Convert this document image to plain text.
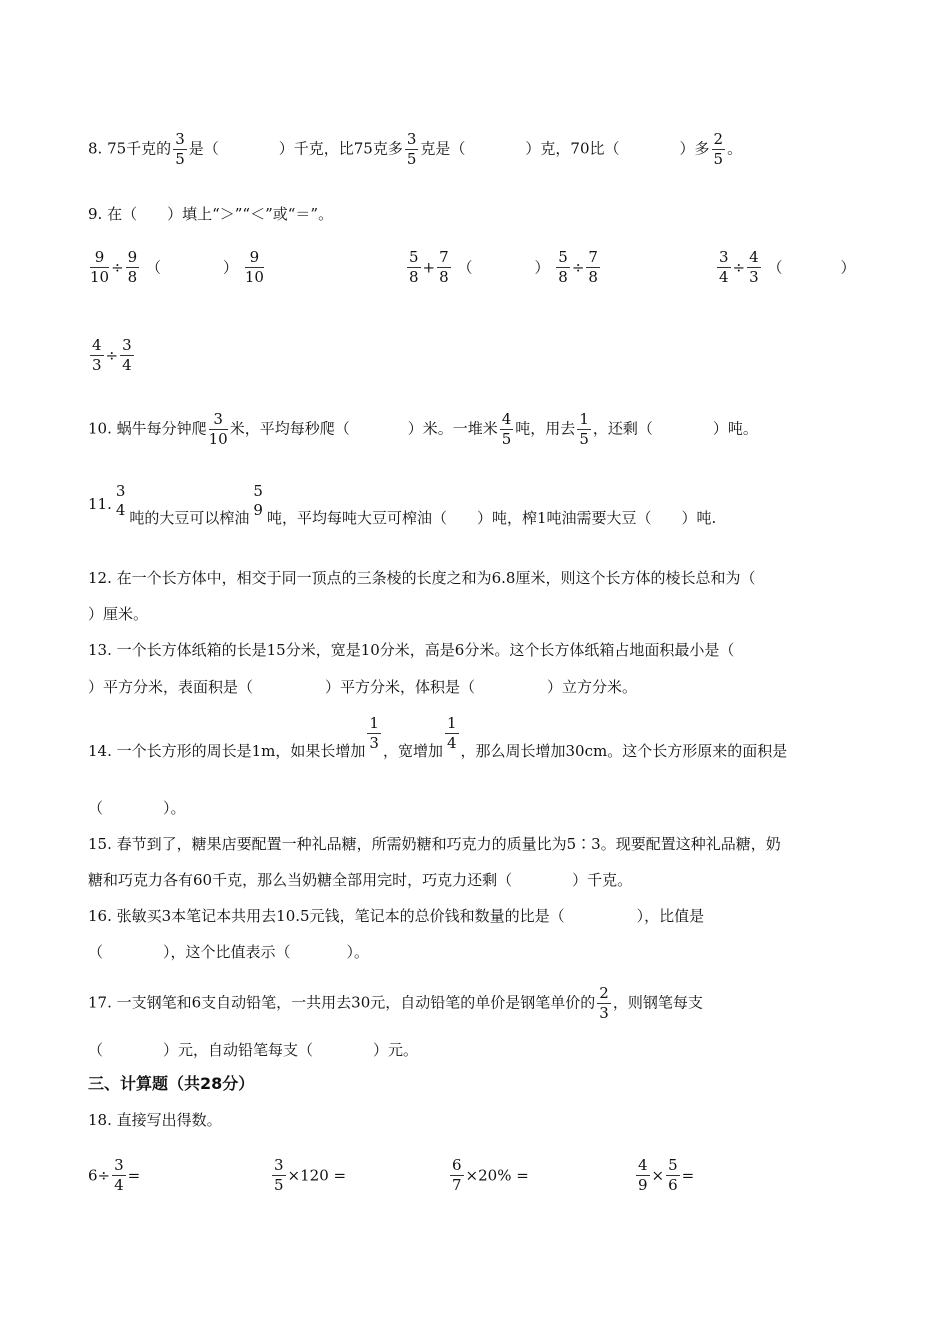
8. 75千克的 $\frac{3}{5}$ 是（	）千克，比75克多 $\frac{3}{5}$ 克是（	）克，70比（	）多 $\frac{2}{5}$ 。
9. 在（　　）填上“＞”“＜”或“＝”。
$\frac{9}{10} \div \frac{9}{8}$ （	） $\frac{9}{10}$	$\frac{5}{8} + \frac{7}{8}$ （	） $\frac{5}{8} \div \frac{7}{8}$	$\frac{3}{4} \div \frac{4}{3}$ （	）
$\frac{4}{3} \div \frac{3}{4}$
10. 蜗牛每分钟爬 $\frac{3}{10}$ 米，平均每秒爬（	）米。一堆米 $\frac{4}{5}$ 吨，用去 $\frac{1}{5}$ ，还剩（	）吨。
11.
3
4 吨的大豆可以榨油
5
9 吨，平均每吨大豆可榨油（ ）吨，榨1吨油需要大豆（ ）吨.
12. 在一个长方体中，相交于同一顶点的三条棱的长度之和为6.8厘米，则这个长方体的棱长总和为（
）厘米。
13. 一个长方体纸箱的长是15分米，宽是10分米，高是6分米。这个长方体纸箱占地面积最小是（
）平方分米，表面积是（	）平方分米，体积是（	）立方分米。
14. 一个长方形的周长是1m，如果长增加 $\frac{1}{3}$ ，宽增加 $\frac{1}{4}$ ，那么周长增加30cm。这个长方形原来的面积是
（	）。
15. 春节到了，糖果店要配置一种礼品糖，所需奶糖和巧克力的质量比为5∶3。现要配置这种礼品糖，奶
糖和巧克力各有60千克，那么当奶糖全部用完时，巧克力还剩（	）千克。
16. 张敏买3本笔记本共用去10.5元钱，笔记本的总价钱和数量的比是（	），比值是
（	），这个比值表示（	）。
17. 一支钢笔和6支自动铅笔，一共用去30元，自动铅笔的单价是钢笔单价的 $\frac{2}{3}$ ，则钢笔每支
（	）元，自动铅笔每支（	）元。
三、计算题（共28分）
18. 直接写出得数。
$6\div \frac{3}{4}$ =	$\frac{3}{5} \times 120$ =	$\frac{6}{7} \times 20\%$ =	$\frac{4}{9} \times \frac{5}{6}$ =
